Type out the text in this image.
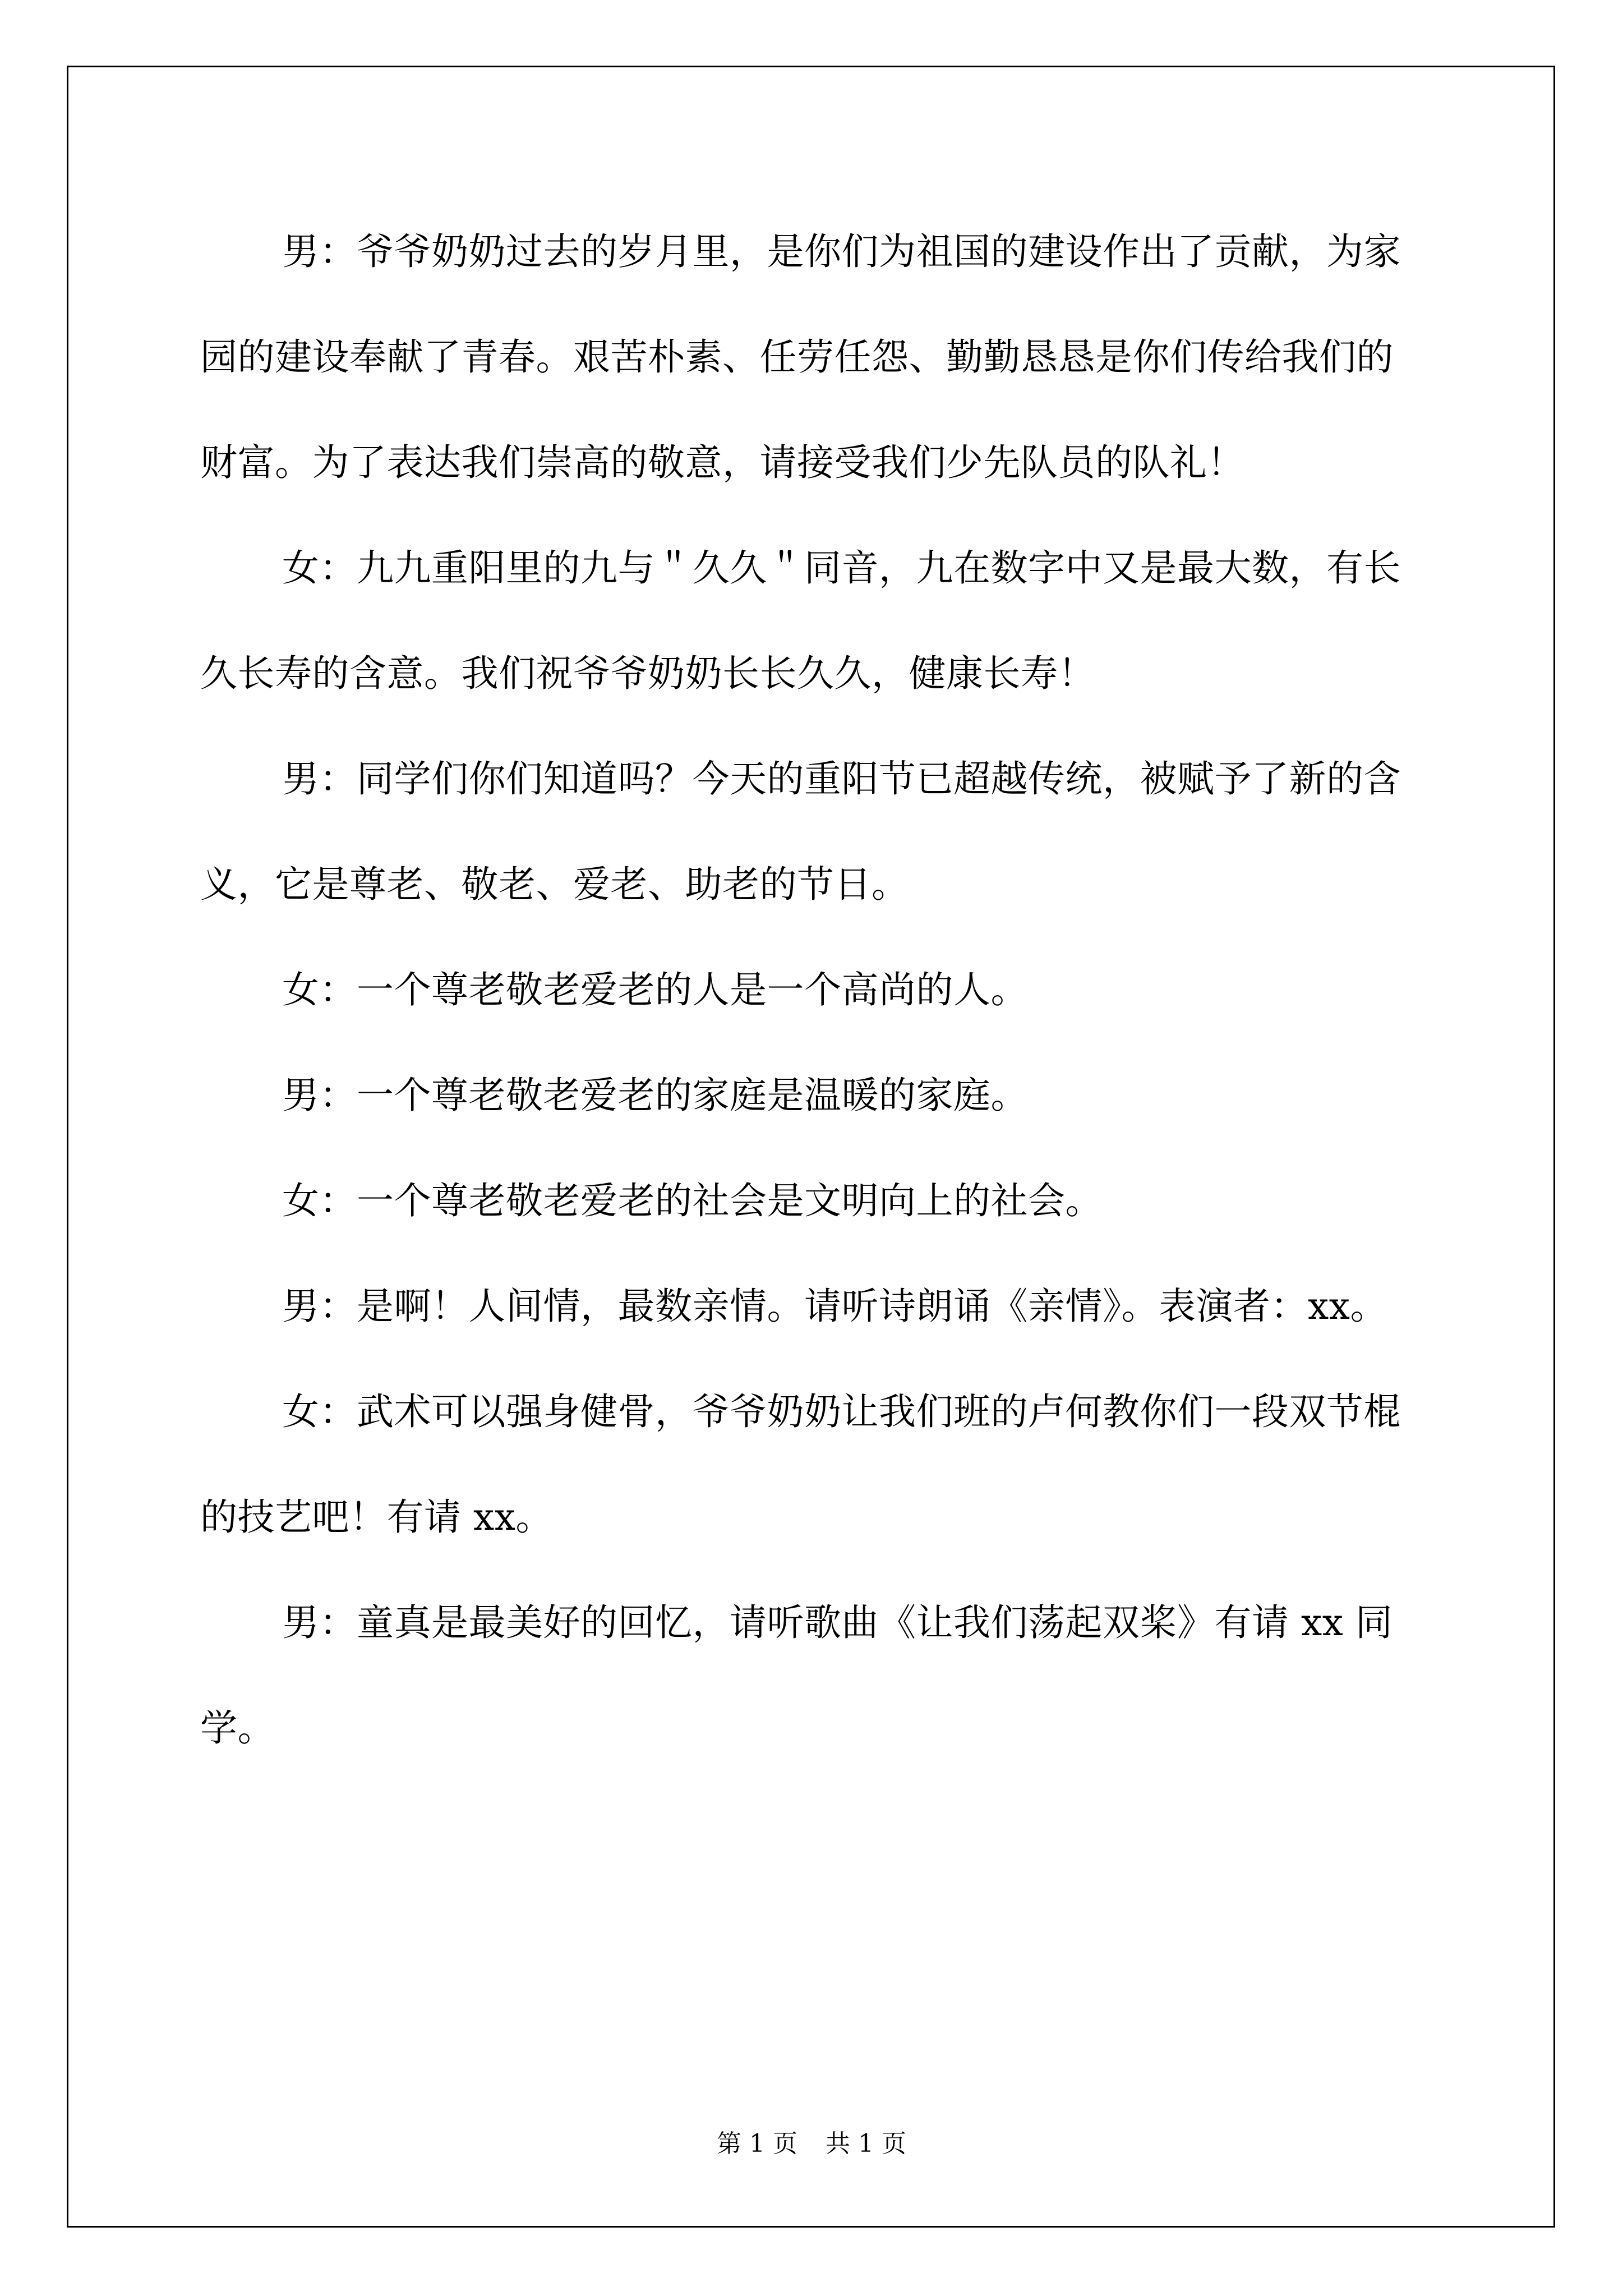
男：爷爷奶奶过去的岁月里，是你们为祖国的建设作出了贡献，为家园的建设奉献了青春。艰苦朴素、任劳任怨、勤勤恳恳是你们传给我们的财富。为了表达我们崇高的敬意，请接受我们少先队员的队礼！

女：九九重阳里的九与＂久久＂同音，九在数字中又是最大数，有长久长寿的含意。我们祝爷爷奶奶长长久久，健康长寿！

男：同学们你们知道吗？今天的重阳节已超越传统，被赋予了新的含义，它是尊老、敬老、爱老、助老的节日。

女：一个尊老敬老爱老的人是一个高尚的人。

男：一个尊老敬老爱老的家庭是温暖的家庭。

女：一个尊老敬老爱老的社会是文明向上的社会。

男：是啊！人间情，最数亲情。请听诗朗诵《亲情》。表演者：xx。

女：武术可以强身健骨，爷爷奶奶让我们班的卢何教你们一段双节棍的技艺吧！有请 xx。

男：童真是最美好的回忆，请听歌曲《让我们荡起双桨》有请 xx 同学。

第 1 页 共 1 页
